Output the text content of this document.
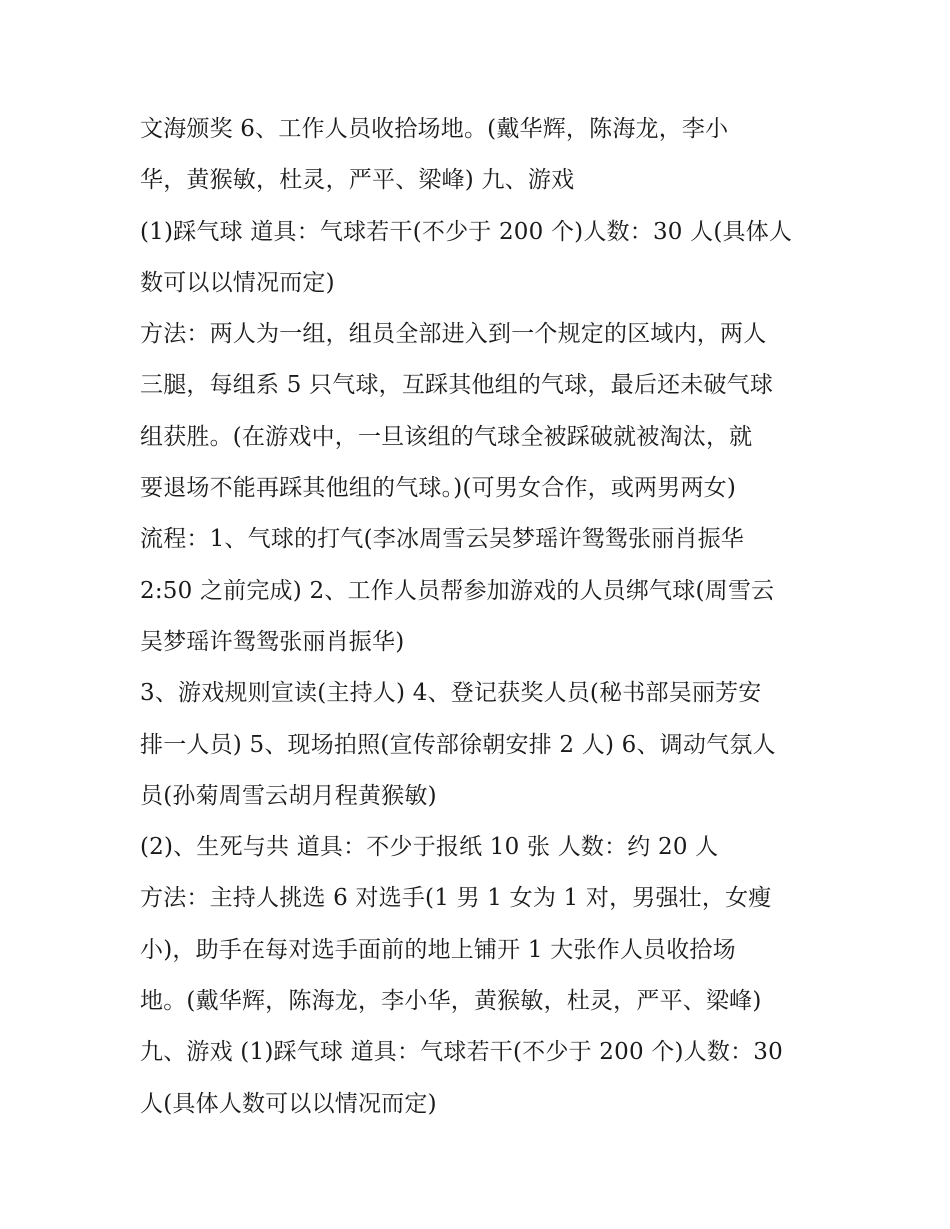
文海颁奖 6、工作人员收拾场地。(戴华辉，陈海龙，李小
华，黄猴敏，杜灵，严平、梁峰) 九、游戏
(1)踩气球 道具：气球若干(不少于 200 个)人数：30 人(具体人
数可以以情况而定)
方法：两人为一组，组员全部进入到一个规定的区域内，两人
三腿，每组系 5 只气球，互踩其他组的气球，最后还未破气球
组获胜。(在游戏中，一旦该组的气球全被踩破就被淘汰，就
要退场不能再踩其他组的气球。)(可男女合作，或两男两女)
流程：1、气球的打气(李冰周雪云吴梦瑶许鸳鸳张丽肖振华
2:50 之前完成) 2、工作人员帮参加游戏的人员绑气球(周雪云
吴梦瑶许鸳鸳张丽肖振华)
3、游戏规则宣读(主持人) 4、登记获奖人员(秘书部吴丽芳安
排一人员) 5、现场拍照(宣传部徐朝安排 2 人) 6、调动气氛人
员(孙菊周雪云胡月程黄猴敏)
(2)、生死与共 道具：不少于报纸 10 张 人数：约 20 人
方法：主持人挑选 6 对选手(1 男 1 女为 1 对，男强壮，女瘦
小)，助手在每对选手面前的地上铺开 1 大张作人员收拾场
地。(戴华辉，陈海龙，李小华，黄猴敏，杜灵，严平、梁峰)
九、游戏 (1)踩气球 道具：气球若干(不少于 200 个)人数：30
人(具体人数可以以情况而定)
